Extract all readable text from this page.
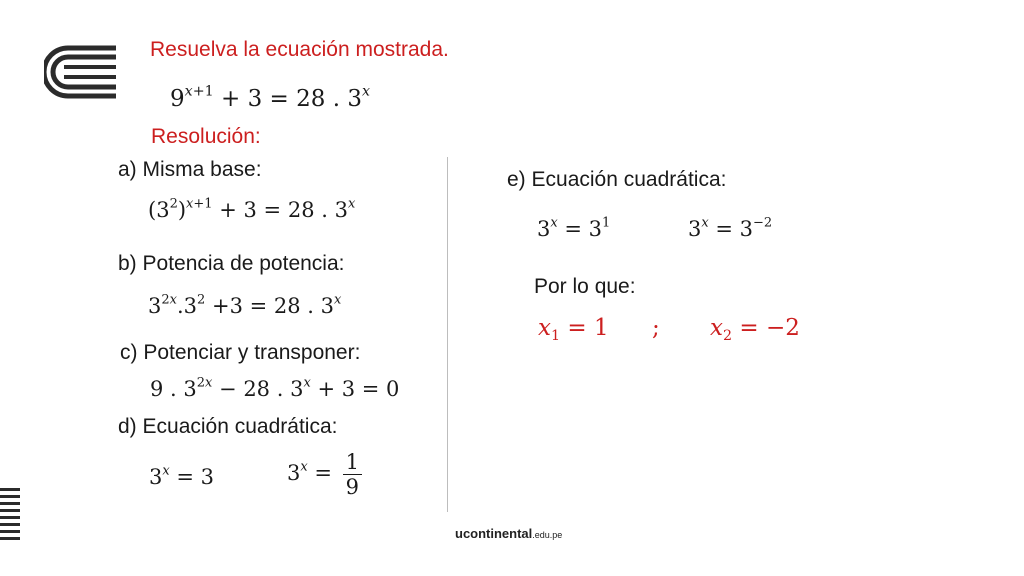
Resuelva la ecuación mostrada.
$9^{x+1} + 3 = 28$ . 3$^x$
Resolución:
a) Misma base:
$(3^2)^{x+1} + 3 = 28$ . 3$^x$
b) Potencia de potencia:
$3^{2x}.3^2 +3 = 28$ . 3$^x$
c) Potenciar y transponer:
9 . $3^{2x} - 28$ . $3^x + 3 = 0$
d) Ecuación cuadrática:
$3^x = 3$	$3^x = \frac{1}{9}$
e) Ecuación cuadrática:
$3^x = 3^1$	$3^x = 3^{-2}$
Por lo que:
$x_1 = 1$ ; $x_2 = -2$
ucontinental.edu.pe
